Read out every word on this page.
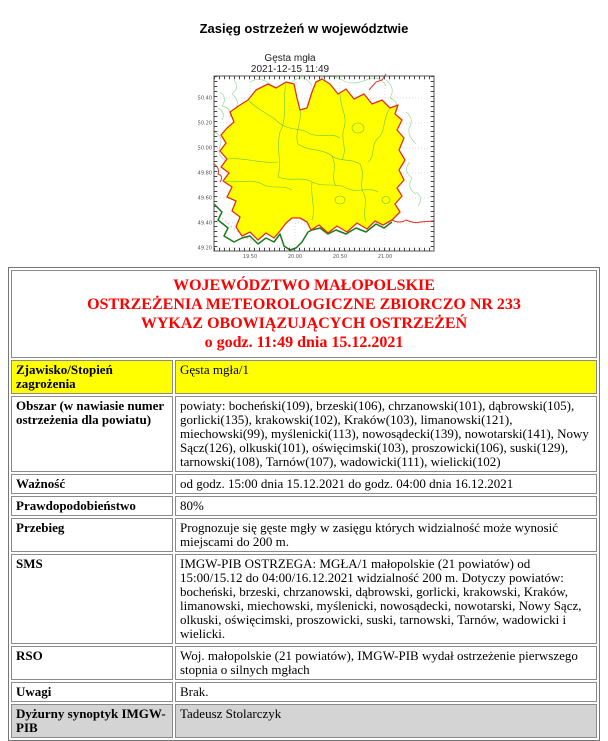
Zasięg ostrzeżeń w województwie
Gęsta mgła
2021-12-15 11:49
50.40
50.20
50.00
49.80
49.60
49.40
49.20
19.50	20.00	20.50	21.00
WOJEWÓDZTWO MAŁOPOLSKIE
OSTRZEŻENIA METEOROLOGICZNE ZBIORCZO NR 233
WYKAZ OBOWIĄZUJĄCYCH OSTRZEŻEŃ
o godz. 11:49 dnia 15.12.2021	

Zjawisko/Stopień zagrożenia	Gęsta mgła/1
Obszar (w nawiasie numer ostrzeżenia dla powiatu)	powiaty: bocheński(109), brzeski(106), chrzanowski(101), dąbrowski(105), gorlicki(135), krakowski(102), Kraków(103), limanowski(121), miechowski(99), myślenicki(113), nowosądecki(139), nowotarski(141), Nowy Sącz(126), olkuski(101), oświęcimski(103), proszowicki(106), suski(129), tarnowski(108), Tarnów(107), wadowicki(111), wielicki(102)
Ważność	od godz. 15:00 dnia 15.12.2021 do godz. 04:00 dnia 16.12.2021
Prawdopodobieństwo	80%
Przebieg	Prognozuje się gęste mgły w zasięgu których widzialność może wynosić miejscami do 200 m.
SMS	IMGW-PIB OSTRZEGA: MGŁA/1 małopolskie (21 powiatów) od 15:00/15.12 do 04:00/16.12.2021 widzialność 200 m. Dotyczy powiatów: bocheński, brzeski, chrzanowski, dąbrowski, gorlicki, krakowski, Kraków, limanowski, miechowski, myślenicki, nowosądecki, nowotarski, Nowy Sącz, olkuski, oświęcimski, proszowicki, suski, tarnowski, Tarnów, wadowicki i wielicki.
RSO	Woj. małopolskie (21 powiatów), IMGW-PIB wydał ostrzeżenie pierwszego stopnia o silnych mgłach
Uwagi	Brak.
Dyżurny synoptyk IMGW-PIB	Tadeusz Stolarczyk
